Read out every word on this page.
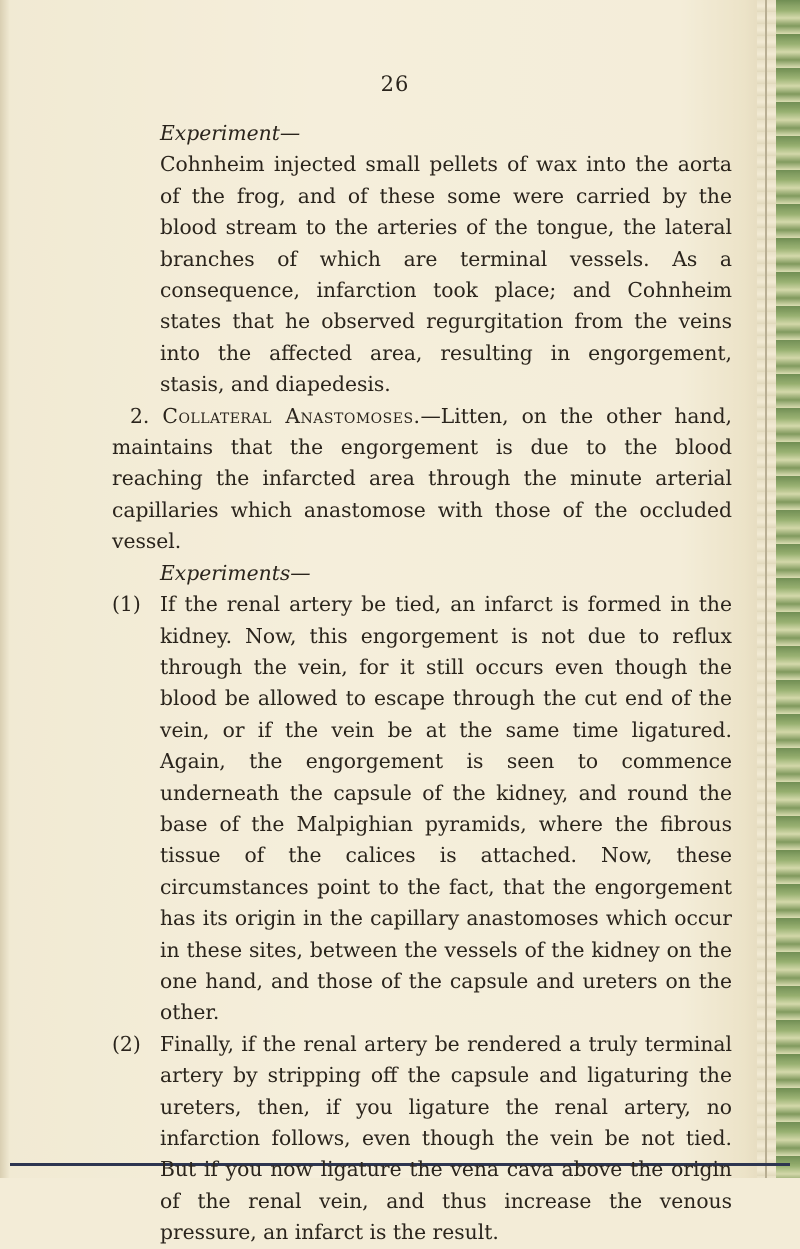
26

Experiment—

Cohnheim injected small pellets of wax into the aorta of the frog, and of these some were carried by the blood stream to the arteries of the tongue, the lateral branches of which are terminal vessels. As a consequence, infarction took place; and Cohnheim states that he observed regurgitation from the veins into the affected area, resulting in engorgement, stasis, and diapedesis.

2. Collateral Anastomoses.—Litten, on the other hand, maintains that the engorgement is due to the blood reaching the infarcted area through the minute arterial capillaries which anastomose with those of the occluded vessel.

Experiments—

(1) If the renal artery be tied, an infarct is formed in the kidney. Now, this engorgement is not due to reflux through the vein, for it still occurs even though the blood be allowed to escape through the cut end of the vein, or if the vein be at the same time ligatured. Again, the engorgement is seen to commence underneath the capsule of the kidney, and round the base of the Malpighian pyramids, where the fibrous tissue of the calices is attached. Now, these circumstances point to the fact, that the engorgement has its origin in the capillary anastomoses which occur in these sites, between the vessels of the kidney on the one hand, and those of the capsule and ureters on the other.
(2) Finally, if the renal artery be rendered a truly terminal artery by stripping off the capsule and ligaturing the ureters, then, if you ligature the renal artery, no infarction follows, even though the vein be not tied. But if you now ligature the vena cava above the origin of the renal vein, and thus increase the venous pressure, an infarct is the result.
